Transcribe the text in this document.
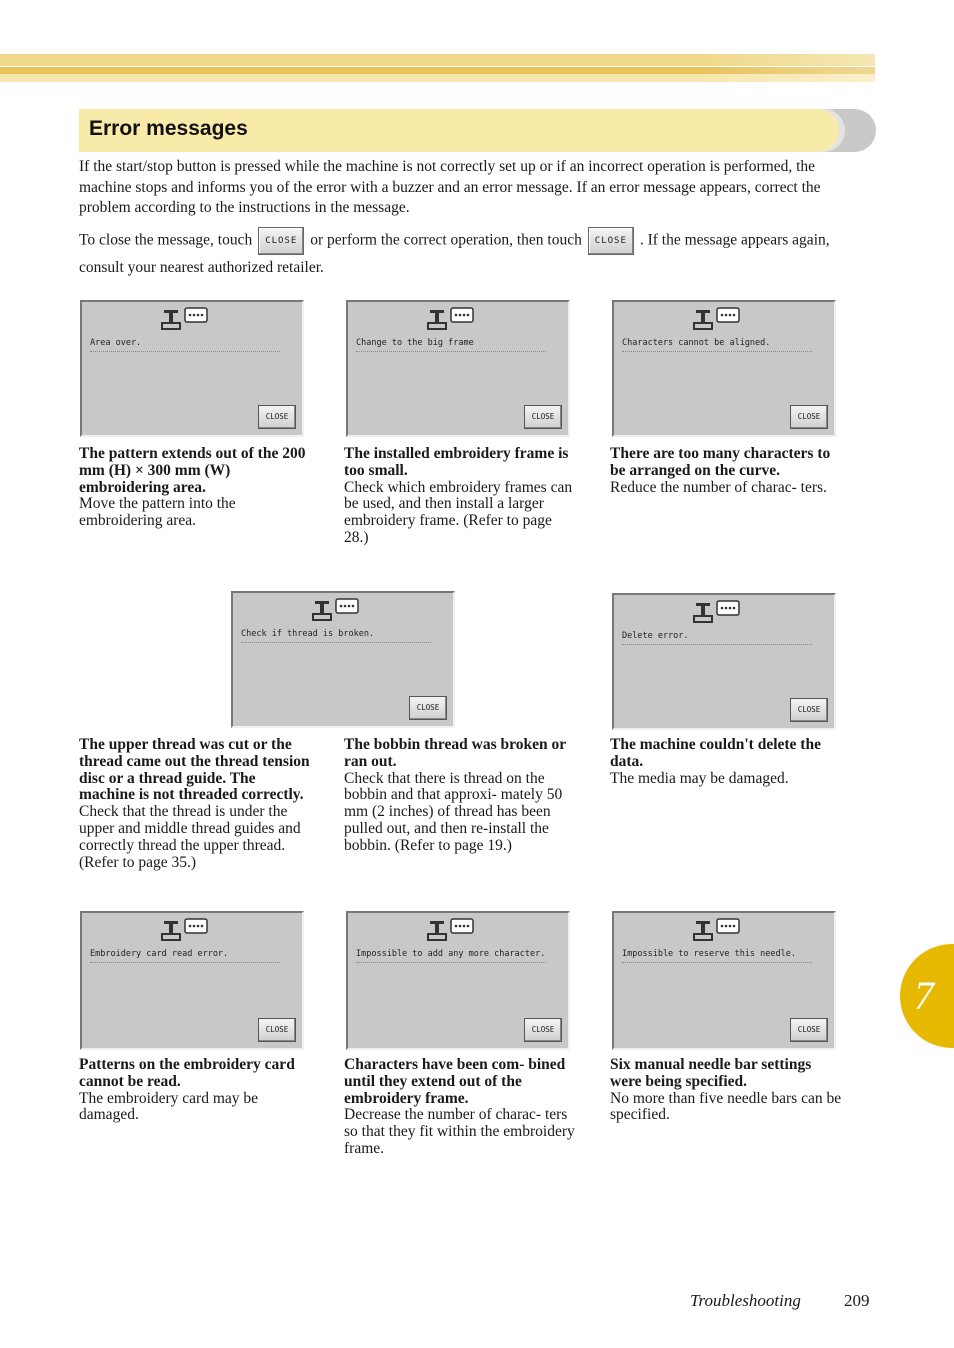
Error messages
If the start/stop button is pressed while the machine is not correctly set up or if an incorrect operation is performed, the machine stops and informs you of the error with a buzzer and an error message. If an error message appears, correct the problem according to the instructions in the message.
To close the message, touch CLOSE or perform the correct operation, then touch CLOSE . If the message appears again, consult your nearest authorized retailer.
Area over.
CLOSE
The pattern extends out of the 200 mm (H) × 300 mm (W) embroidering area.
Move the pattern into the embroidering area.
Change to the big frame
CLOSE
The installed embroidery frame is too small.
Check which embroidery frames can be used, and then install a larger embroidery frame. (Refer to page 28.)
Characters cannot be aligned.
CLOSE
There are too many characters to be arranged on the curve.
Reduce the number of charac- ters.
Check if thread is broken.
CLOSE
The upper thread was cut or the thread came out the thread tension disc or a thread guide. The machine is not threaded correctly.
Check that the thread is under the upper and middle thread guides and correctly thread the upper thread. (Refer to page 35.)
The bobbin thread was broken or ran out.
Check that there is thread on the bobbin and that approxi- mately 50 mm (2 inches) of thread has been pulled out, and then re-install the bobbin. (Refer to page 19.)
Delete error.
CLOSE
The machine couldn't delete the data.
The media may be damaged.
Embroidery card read error.
CLOSE
Patterns on the embroidery card cannot be read.
The embroidery card may be damaged.
Impossible to add any more character.
CLOSE
Characters have been com- bined until they extend out of the embroidery frame.
Decrease the number of charac- ters so that they fit within the embroidery frame.
Impossible to reserve this needle.
CLOSE
Six manual needle bar settings were being specified.
No more than five needle bars can be specified.
7
Troubleshooting	209
